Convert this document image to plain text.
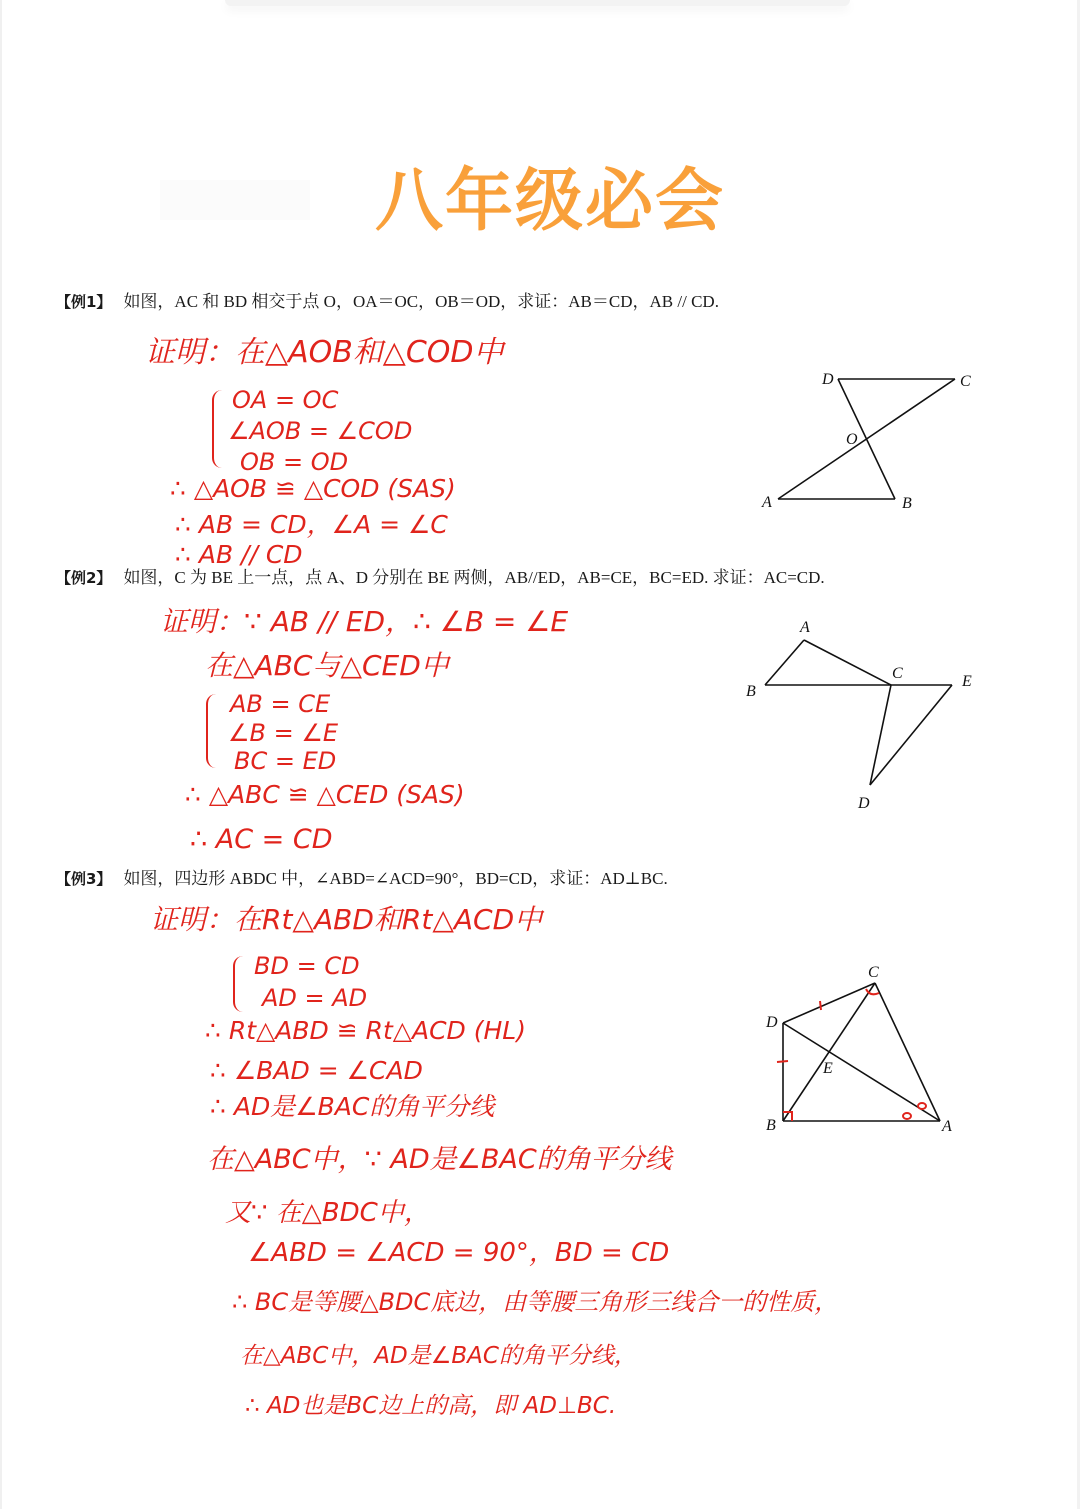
八年级必会
【例1】 如图，AC 和 BD 相交于点 O，OA＝OC，OB＝OD，求证：AB＝CD，AB // CD.
证明：在△AOB和△COD中
OA = OC
∠AOB = ∠COD
OB = OD
∴ △AOB ≌ △COD (SAS)
∴ AB = CD，∠A = ∠C
∴ AB // CD
D	C
O
A	B
【例2】 如图，C 为 BE 上一点，点 A、D 分别在 BE 两侧，AB//ED，AB=CE，BC=ED. 求证：AC=CD.
证明：∵ AB // ED，∴ ∠B = ∠E
在△ABC与△CED中
AB = CE
∠B = ∠E
BC = ED
∴ △ABC ≌ △CED (SAS)
∴ AC = CD
A
B
C	E
D
【例3】 如图，四边形 ABDC 中，∠ABD=∠ACD=90°，BD=CD，求证：AD⊥BC.
证明：在Rt△ABD和Rt△ACD中
BD = CD
AD = AD
∴ Rt△ABD ≌ Rt△ACD (HL)
∴ ∠BAD = ∠CAD
∴ AD是∠BAC的角平分线
在△ABC中，∵ AD是∠BAC的角平分线
又∵ 在△BDC中，
∠ABD = ∠ACD = 90°，BD = CD
∴ BC是等腰△BDC底边，由等腰三角形三线合一的性质，
在△ABC中，AD是∠BAC的角平分线，
∴ AD也是BC边上的高，即 AD⊥BC.
C
D
E
B	A
